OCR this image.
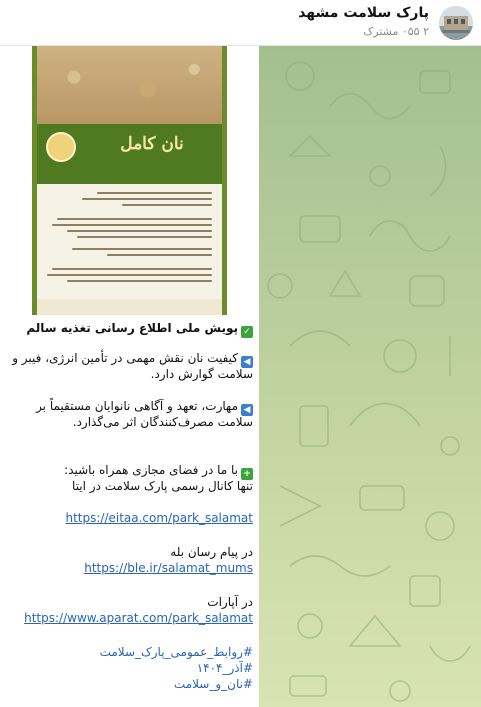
پارک سلامت مشهد
۲ ۰۵۵ مشترک
نان کامل
✓پویش ملی اطلاع رسانی تغذیه سالم
◀کیفیت نان نقش مهمی در تأمین انرژی، فیبر و
سلامت گوارش دارد.
◀مهارت، تعهد و آگاهی نانوایان مستقیماً بر
سلامت مصرف‌کنندگان اثر می‌گذارد.
+با ما در فضای مجازی همراه باشید:
تنها کانال رسمی پارک سلامت در ایتا
https://eitaa.com/park_salamat
در پیام رسان بله
https://ble.ir/salamat_mums
در آپارات
https://www.aparat.com/park_salamat
#روابط_عمومی_پارک_سلامت
#آذر_۱۴۰۴
#نان_و_سلامت
